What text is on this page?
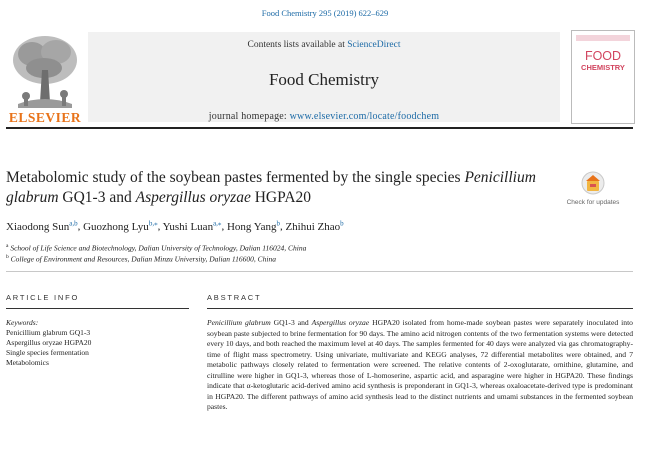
Food Chemistry 295 (2019) 622–629
Contents lists available at ScienceDirect
Food Chemistry
journal homepage: www.elsevier.com/locate/foodchem
ELSEVIER
FOOD
CHEMISTRY
Metabolomic study of the soybean pastes fermented by the single species Penicillium glabrum GQ1-3 and Aspergillus oryzae HGPA20	Check for updates
Xiaodong Sun$^{a,b}$, Guozhong Lyu$^{b,⁎}$, Yushi Luan$^{a,⁎}$, Hong Yang$^b$, Zhihui Zhao$^b$
$^a$ School of Life Science and Biotechnology, Dalian University of Technology, Dalian 116024, China
$^b$ College of Environment and Resources, Dalian Minzu University, Dalian 116600, China
ARTICLE INFO
Keywords:
Penicillium glabrum GQ1-3
Aspergillus oryzae HGPA20
Single species fermentation
Metabolomics
ABSTRACT

Penicillium glabrum GQ1-3 and Aspergillus oryzae HGPA20 isolated from home-made soybean pastes were separately inoculated into soybean paste subjected to brine fermentation for 90 days. The amino acid nitrogen contents of the two fermentation systems were detected every 10 days, and both reached the maximum level at 40 days. The samples fermented for 40 days were analyzed via gas chromatography-time of flight mass spectrometry. Using univariate, multivariate and KEGG analyses, 72 differential metabolites were obtained, and 7 metabolic pathways closely related to fermentation were screened. The relative contents of 2-oxoglutarate, ornithine, glutamine, and citrulline were higher in GQ1-3, whereas those of L-homoserine, aspartic acid, and asparagine were higher in HGPA20. These findings indicate that α-ketoglutaric acid-derived amino acid synthesis is preponderant in GQ1-3, whereas oxaloacetate-derived type is predominant in HGPA20. The different pathways of amino acid synthesis lead to the distinct nutrients and umami substances in the fermented soybean pastes.
